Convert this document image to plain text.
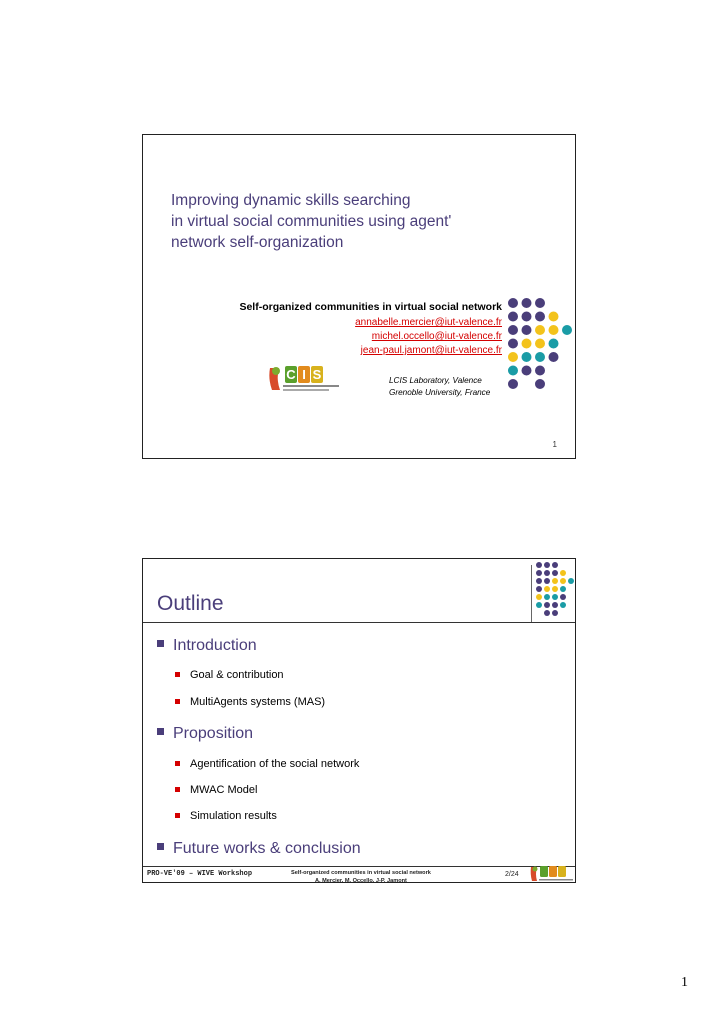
Improving dynamic skills searching
in virtual social communities using agent'
network self-organization
Self-organized communities in virtual social network
annabelle.mercier@iut-valence.fr
michel.occello@iut-valence.fr
jean-paul.jamont@iut-valence.fr
C I S	LCIS Laboratory, Valence
Grenoble University, France
1
Outline
Introduction
Goal & contribution
MultiAgents systems (MAS)
Proposition
Agentification of the social network
MWAC Model
Simulation results
Future works & conclusion
PRO-VE'09 – WIVE Workshop	Self-organized communities in virtual social network
A. Mercier, M. Occello, J-P. Jamont
2/24
1
